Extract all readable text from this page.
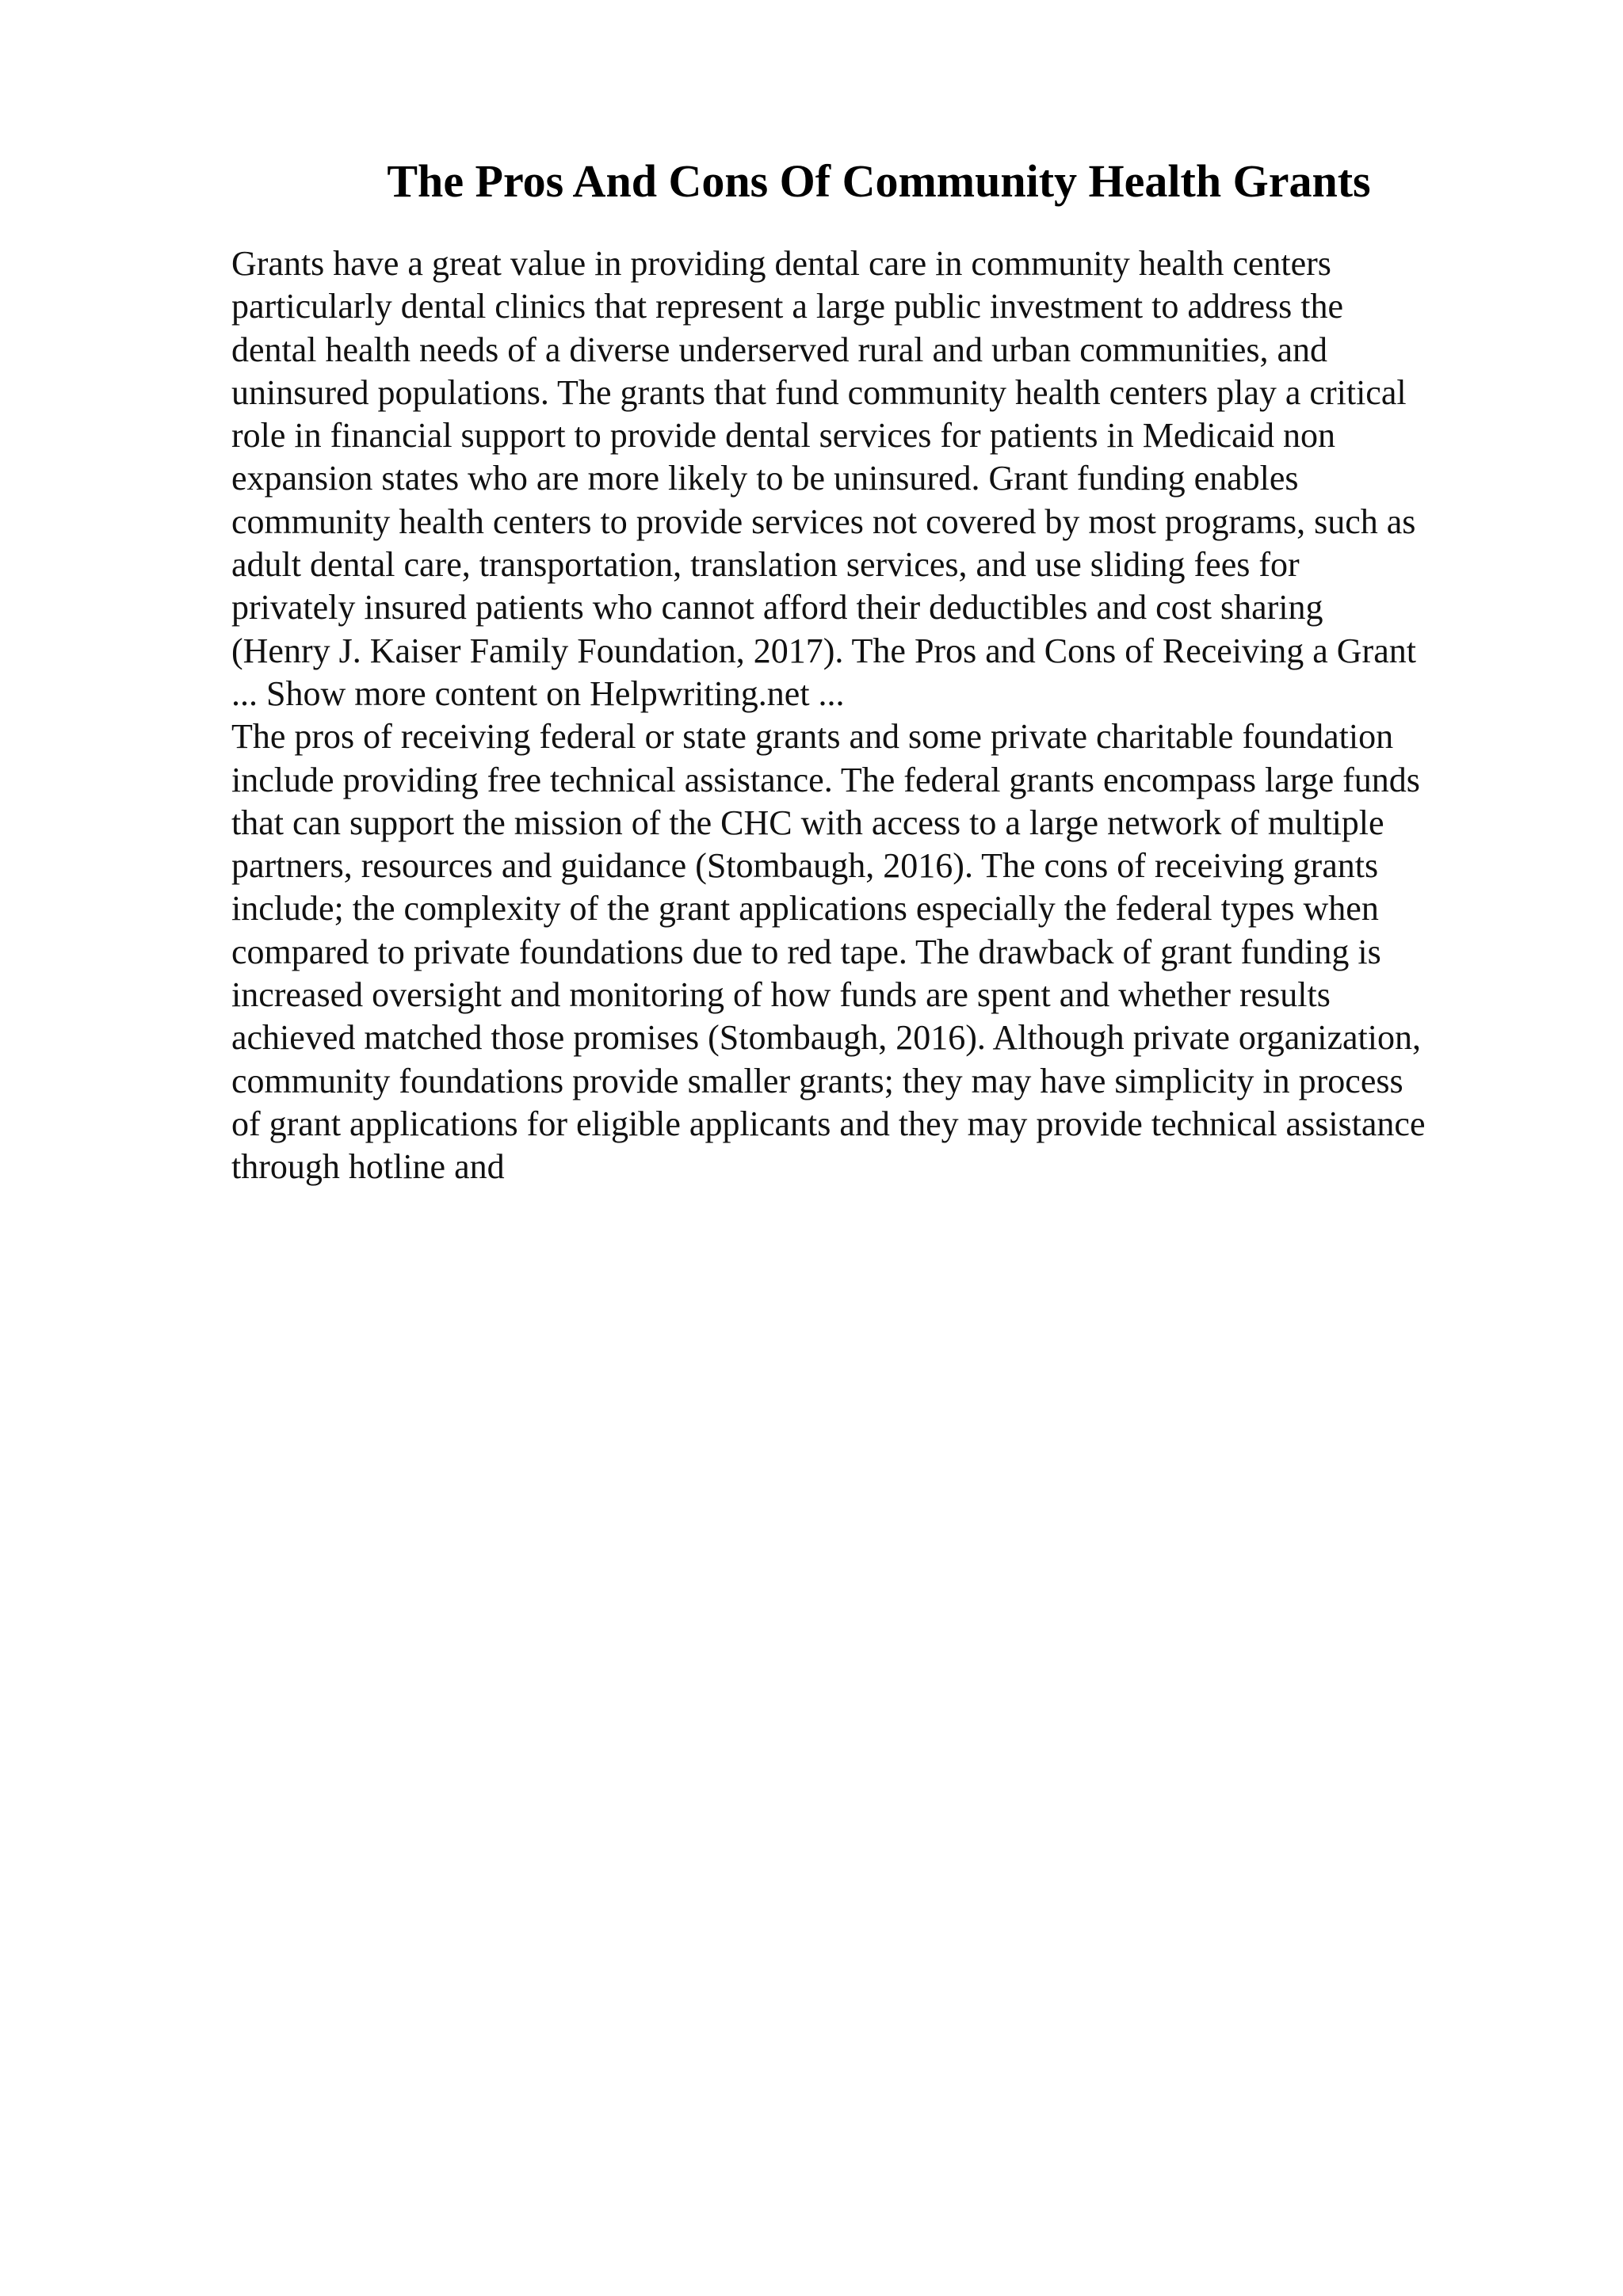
The Pros And Cons Of Community Health Grants

Grants have a great value in providing dental care in community health centers
particularly dental clinics that represent a large public investment to address the
dental health needs of a diverse underserved rural and urban communities, and
uninsured populations. The grants that fund community health centers play a critical
role in financial support to provide dental services for patients in Medicaid non
expansion states who are more likely to be uninsured. Grant funding enables
community health centers to provide services not covered by most programs, such as
adult dental care, transportation, translation services, and use sliding fees for
privately insured patients who cannot afford their deductibles and cost sharing
(Henry J. Kaiser Family Foundation, 2017). The Pros and Cons of Receiving a Grant
... Show more content on Helpwriting.net ...

The pros of receiving federal or state grants and some private charitable foundation
include providing free technical assistance. The federal grants encompass large funds
that can support the mission of the CHC with access to a large network of multiple
partners, resources and guidance (Stombaugh, 2016). The cons of receiving grants
include; the complexity of the grant applications especially the federal types when
compared to private foundations due to red tape. The drawback of grant funding is
increased oversight and monitoring of how funds are spent and whether results
achieved matched those promises (Stombaugh, 2016). Although private organization,
community foundations provide smaller grants; they may have simplicity in process
of grant applications for eligible applicants and they may provide technical assistance
through hotline and
